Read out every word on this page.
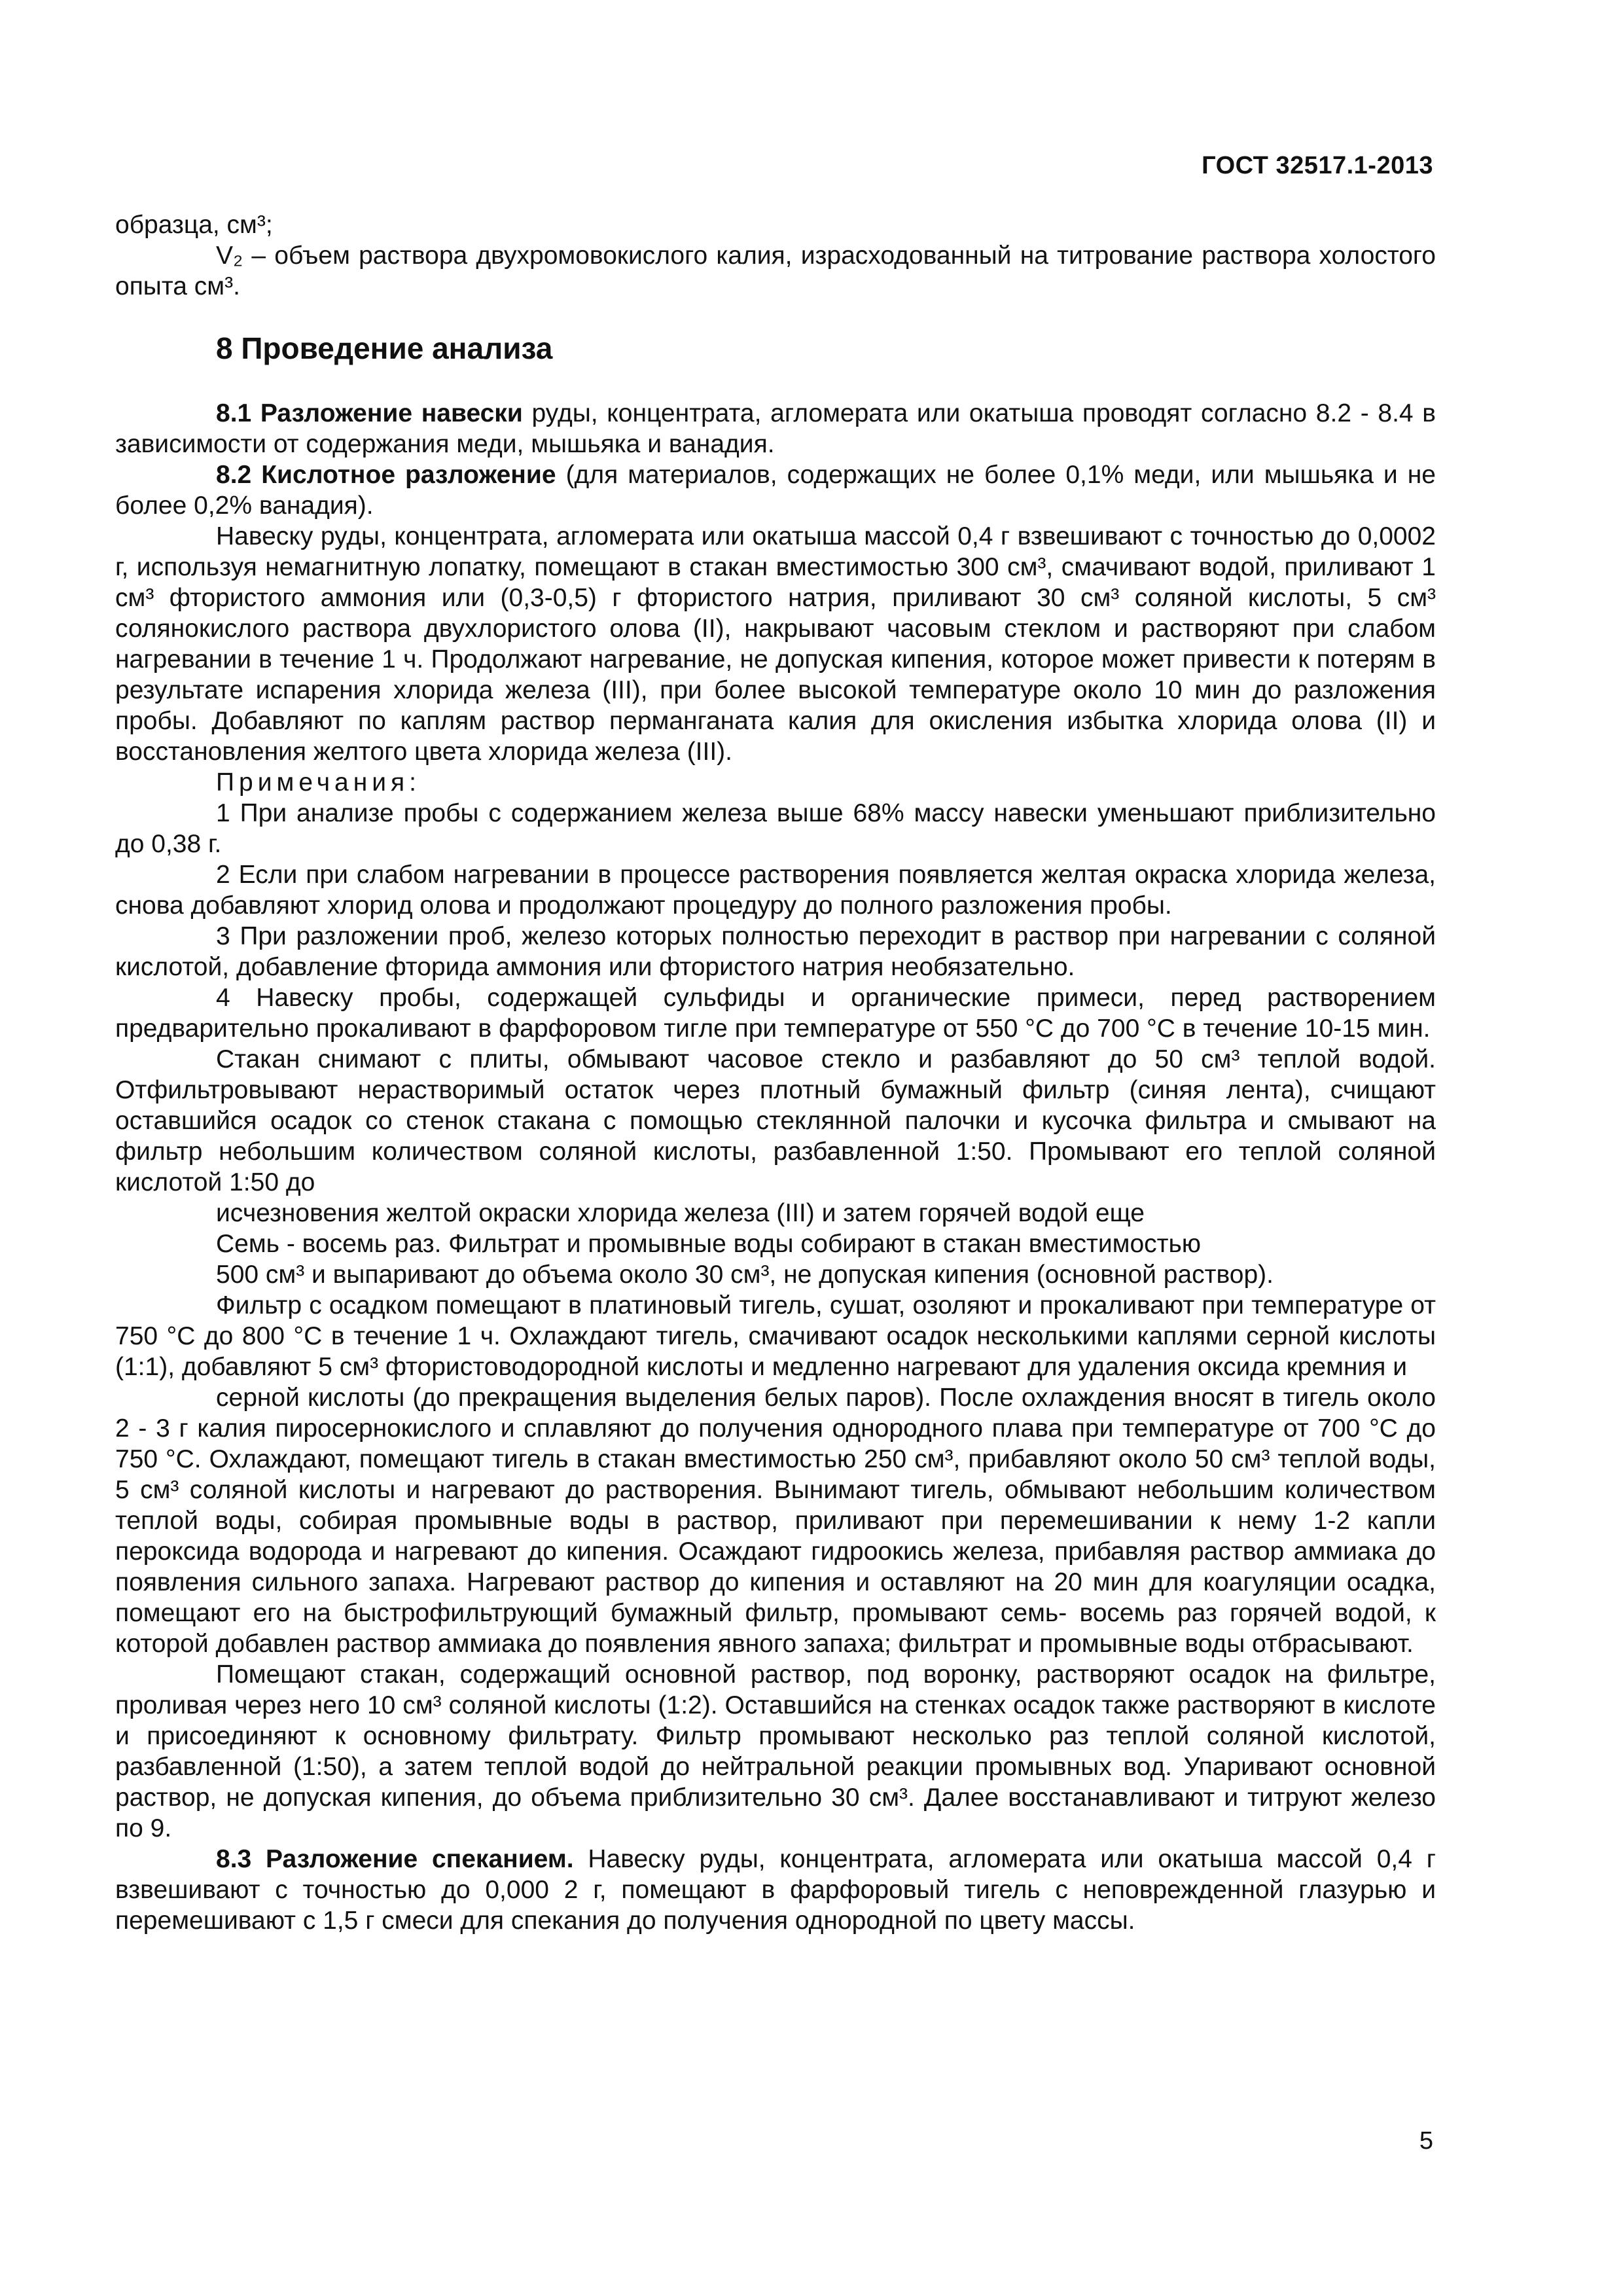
ГОСТ 32517.1-2013

образца, см³;

V₂ – объем раствора двухромовокислого калия, израсходованный на титрование раствора холостого опыта см³.

8 Проведение анализа

8.1 Разложение навески руды, концентрата, агломерата или окатыша проводят согласно 8.2 - 8.4 в зависимости от содержания меди, мышьяка и ванадия.

8.2 Кислотное разложение (для материалов, содержащих не более 0,1% меди, или мышьяка и не более 0,2% ванадия).

Навеску руды, концентрата, агломерата или окатыша массой 0,4 г взвешивают с точностью до 0,0002 г, используя немагнитную лопатку, помещают в стакан вместимостью 300 см³, смачивают водой, приливают 1 см³ фтористого аммония или (0,3-0,5) г фтористого натрия, приливают 30 см³ соляной кислоты, 5 см³ солянокислого раствора двухлористого олова (II), накрывают часовым стеклом и растворяют при слабом нагревании в течение 1 ч. Продолжают нагревание, не допуская кипения, которое может привести к потерям в результате испарения хлорида железа (III), при более высокой температуре около 10 мин до разложения пробы. Добавляют по каплям раствор перманганата калия для окисления избытка хлорида олова (II) и восстановления желтого цвета хлорида железа (III).

Примечания:

1 При анализе пробы с содержанием железа выше 68% массу навески уменьшают приблизительно до 0,38 г.

2 Если при слабом нагревании в процессе растворения появляется желтая окраска хлорида железа, снова добавляют хлорид олова и продолжают процедуру до полного разложения пробы.

3 При разложении проб, железо которых полностью переходит в раствор при нагревании с соляной кислотой, добавление фторида аммония или фтористого натрия необязательно.

4 Навеску пробы, содержащей сульфиды и органические примеси, перед растворением предварительно прокаливают в фарфоровом тигле при температуре от 550 °С до 700 °С в течение 10-15 мин.

Стакан снимают с плиты, обмывают часовое стекло и разбавляют до 50 см³ теплой водой. Отфильтровывают нерастворимый остаток через плотный бумажный фильтр (синяя лента), счищают оставшийся осадок со стенок стакана с помощью стеклянной палочки и кусочка фильтра и смывают на фильтр небольшим количеством соляной кислоты, разбавленной 1:50. Промывают его теплой соляной кислотой 1:50 до

исчезновения желтой окраски хлорида железа (III) и затем горячей водой еще

Семь - восемь раз. Фильтрат и промывные воды собирают в стакан вместимостью

500 см³ и выпаривают до объема около 30 см³, не допуская кипения (основной раствор).

Фильтр с осадком помещают в платиновый тигель, сушат, озоляют и прокаливают при температуре от 750 °С до 800 °С в течение 1 ч. Охлаждают тигель, смачивают осадок несколькими каплями серной кислоты (1:1), добавляют 5 см³ фтористоводородной кислоты и медленно нагревают для удаления оксида кремния и

серной кислоты (до прекращения выделения белых паров). После охлаждения вносят в тигель около 2 - 3 г калия пиросернокислого и сплавляют до получения однородного плава при температуре от 700 °С до 750 °С. Охлаждают, помещают тигель в стакан вместимостью 250 см³, прибавляют около 50 см³ теплой воды, 5 см³ соляной кислоты и нагревают до растворения. Вынимают тигель, обмывают небольшим количеством теплой воды, собирая промывные воды в раствор, приливают при перемешивании к нему 1-2 капли пероксида водорода и нагревают до кипения. Осаждают гидроокись железа, прибавляя раствор аммиака до появления сильного запаха. Нагревают раствор до кипения и оставляют на 20 мин для коагуляции осадка, помещают его на быстрофильтрующий бумажный фильтр, промывают семь- восемь раз горячей водой, к которой добавлен раствор аммиака до появления явного запаха; фильтрат и промывные воды отбрасывают.

Помещают стакан, содержащий основной раствор, под воронку, растворяют осадок на фильтре, проливая через него 10 см³ соляной кислоты (1:2). Оставшийся на стенках осадок также растворяют в кислоте и присоединяют к основному фильтрату. Фильтр промывают несколько раз теплой соляной кислотой, разбавленной (1:50), а затем теплой водой до нейтральной реакции промывных вод. Упаривают основной раствор, не допуская кипения, до объема приблизительно 30 см³. Далее восстанавливают и титруют железо по 9.

8.3 Разложение спеканием. Навеску руды, концентрата, агломерата или окатыша массой 0,4 г взвешивают с точностью до 0,000 2 г, помещают в фарфоровый тигель с неповрежденной глазурью и перемешивают с 1,5 г смеси для спекания до получения однородной по цвету массы.

5
